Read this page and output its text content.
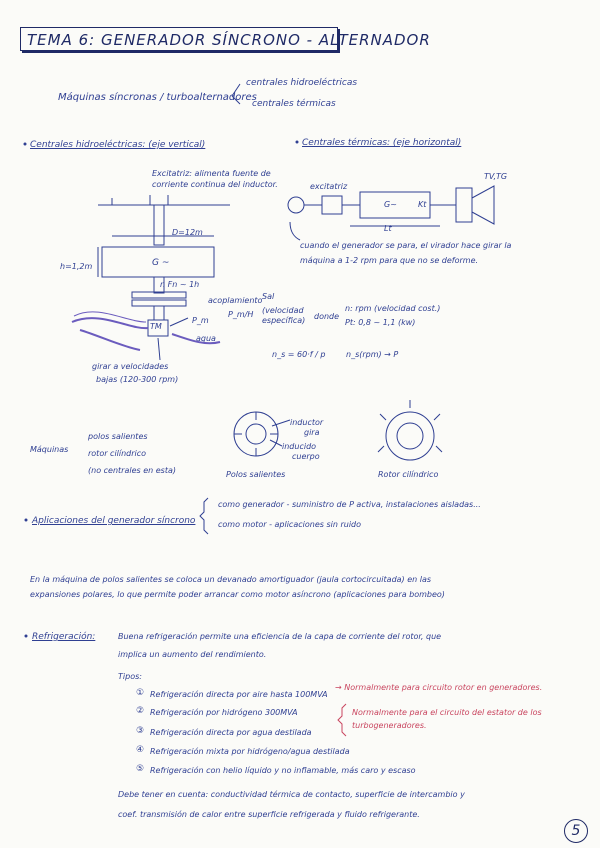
TEMA 6: GENERADOR SÍNCRONO - ALTERNADOR
Máquinas síncronas / turboalternadores
centrales hidroeléctricas
centrales térmicas
Centrales hidroeléctricas: (eje vertical)
Excitatriz: alimenta fuente de corriente continua del inductor.
D=12m
h=1,2m	G ~
n Fn ~ 1h
acoplamiento Sal
P_m
P_m/H (velocidad específica)	donde
n: rpm (velocidad cost.)
Pt: 0,8 ~ 1,1 (kw)
n_s = 60·f / p	n_s(rpm) → P
agua
TM
girar a velocidades
bajas (120-300 rpm)
Centrales térmicas: (eje horizontal)
excitatriz
G~	Kt
TV,TG
Lt
cuando el generador se para, el virador hace girar la máquina a 1-2 rpm para que no se deforme.
Máquinas
polos salientes
rotor cilíndrico
(no centrales en esta)
inductor
gira
inducido
cuerpo
Polos salientes	Rotor cilíndrico
Aplicaciones del generador síncrono
como generador - suministro de P activa, instalaciones aisladas...
como motor - aplicaciones sin ruido
En la máquina de polos salientes se coloca un devanado amortiguador (jaula cortocircuitada) en las
expansiones polares, lo que permite poder arrancar como motor asíncrono (aplicaciones para bombeo)
Refrigeración:	Buena refrigeración permite una eficiencia de la capa de corriente del rotor, que
implica un aumento del rendimiento.
Tipos:
① Refrigeración directa por aire hasta 100MVA
→ Normalmente para circuito rotor en generadores.
② Refrigeración por hidrógeno 300MVA	Normalmente para el circuito del estator de los turbogeneradores.
③ Refrigeración directa por agua destilada
④ Refrigeración mixta por hidrógeno/agua destilada
⑤ Refrigeración con helio líquido y no inflamable, más caro y escaso
Debe tener en cuenta: conductividad térmica de contacto, superficie de intercambio y
coef. transmisión de calor entre superficie refrigerada y fluido refrigerante.
5
